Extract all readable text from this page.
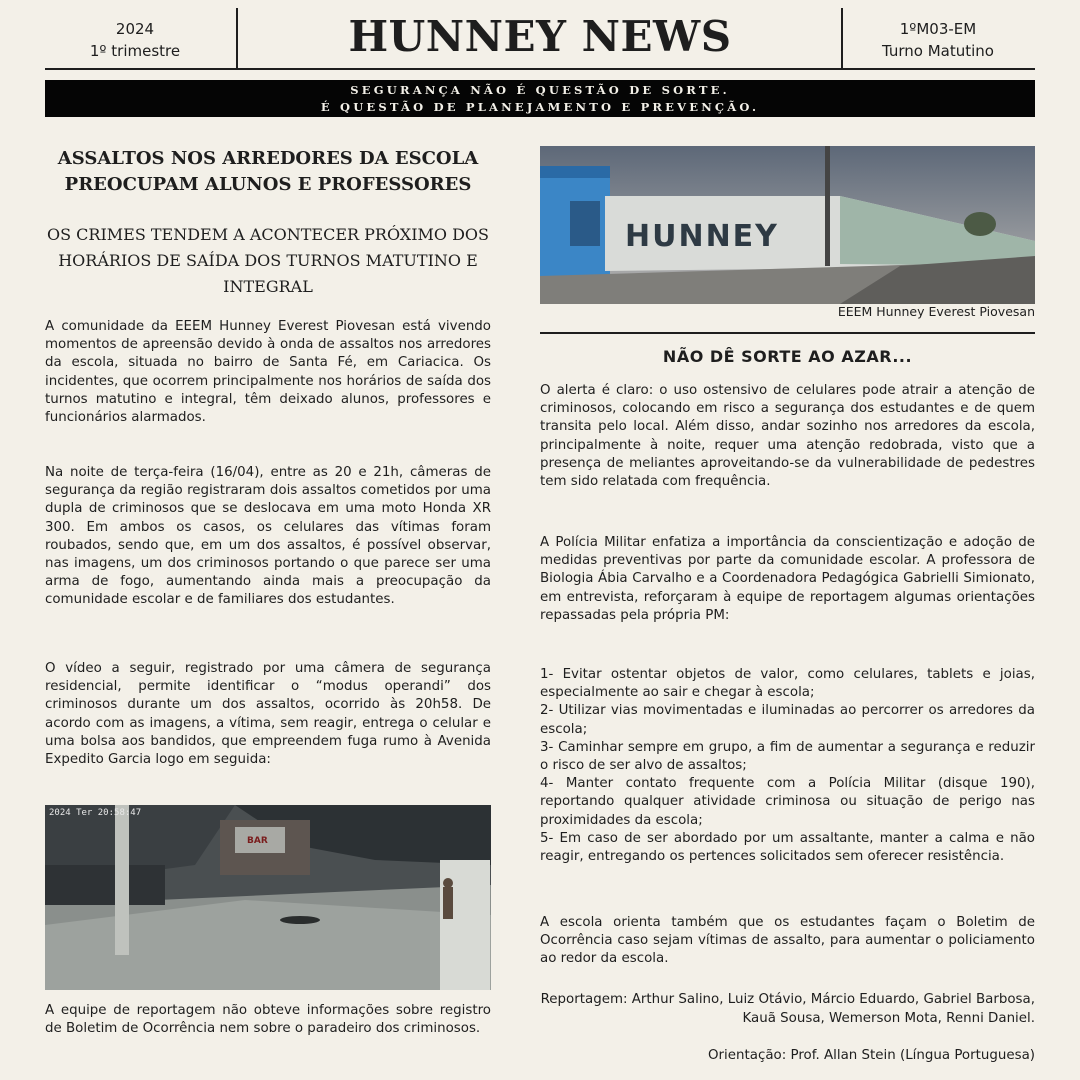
2024
1º trimestre	HUNNEY NEWS	1ºM03-EM
Turno Matutino
SEGURANÇA NÃO É QUESTÃO DE SORTE.
É QUESTÃO DE PLANEJAMENTO E PREVENÇÃO.
ASSALTOS NOS ARREDORES DA ESCOLA PREOCUPAM ALUNOS E PROFESSORES
OS CRIMES TENDEM A ACONTECER PRÓXIMO DOS HORÁRIOS DE SAÍDA DOS TURNOS MATUTINO E INTEGRAL

A comunidade da EEEM Hunney Everest Piovesan está vivendo momentos de apreensão devido à onda de assaltos nos arredores da escola, situada no bairro de Santa Fé, em Cariacica. Os incidentes, que ocorrem principalmente nos horários de saída dos turnos matutino e integral, têm deixado alunos, professores e funcionários alarmados.

Na noite de terça-feira (16/04), entre as 20 e 21h, câmeras de segurança da região registraram dois assaltos cometidos por uma dupla de criminosos que se deslocava em uma moto Honda XR 300. Em ambos os casos, os celulares das vítimas foram roubados, sendo que, em um dos assaltos, é possível observar, nas imagens, um dos criminosos portando o que parece ser uma arma de fogo, aumentando ainda mais a preocupação da comunidade escolar e de familiares dos estudantes.

O vídeo a seguir, registrado por uma câmera de segurança residencial, permite identificar o “modus operandi” dos criminosos durante um dos assaltos, ocorrido às 20h58. De acordo com as imagens, a vítima, sem reagir, entrega o celular e uma bolsa aos bandidos, que empreendem fuga rumo à Avenida Expedito Garcia logo em seguida:

2024 Ter 20:58:47
BAR
A equipe de reportagem não obteve informações sobre registro de Boletim de Ocorrência nem sobre o paradeiro dos criminosos.
HUNNEY
EEEM Hunney Everest Piovesan
NÃO DÊ SORTE AO AZAR...

O alerta é claro: o uso ostensivo de celulares pode atrair a atenção de criminosos, colocando em risco a segurança dos estudantes e de quem transita pelo local. Além disso, andar sozinho nos arredores da escola, principalmente à noite, requer uma atenção redobrada, visto que a presença de meliantes aproveitando-se da vulnerabilidade de pedestres tem sido relatada com frequência.

A Polícia Militar enfatiza a importância da conscientização e adoção de medidas preventivas por parte da comunidade escolar. A professora de Biologia Ábia Carvalho e a Coordenadora Pedagógica Gabrielli Simionato, em entrevista, reforçaram à equipe de reportagem algumas orientações repassadas pela própria PM:

1- Evitar ostentar objetos de valor, como celulares, tablets e joias, especialmente ao sair e chegar à escola;

2- Utilizar vias movimentadas e iluminadas ao percorrer os arredores da escola;

3- Caminhar sempre em grupo, a fim de aumentar a segurança e reduzir o risco de ser alvo de assaltos;

4- Manter contato frequente com a Polícia Militar (disque 190), reportando qualquer atividade criminosa ou situação de perigo nas proximidades da escola;

5- Em caso de ser abordado por um assaltante, manter a calma e não reagir, entregando os pertences solicitados sem oferecer resistência.

A escola orienta também que os estudantes façam o Boletim de Ocorrência caso sejam vítimas de assalto, para aumentar o policiamento ao redor da escola.

Reportagem: Arthur Salino, Luiz Otávio, Márcio Eduardo, Gabriel Barbosa, Kauã Sousa, Wemerson Mota, Renni Daniel.
Orientação: Prof. Allan Stein (Língua Portuguesa)
